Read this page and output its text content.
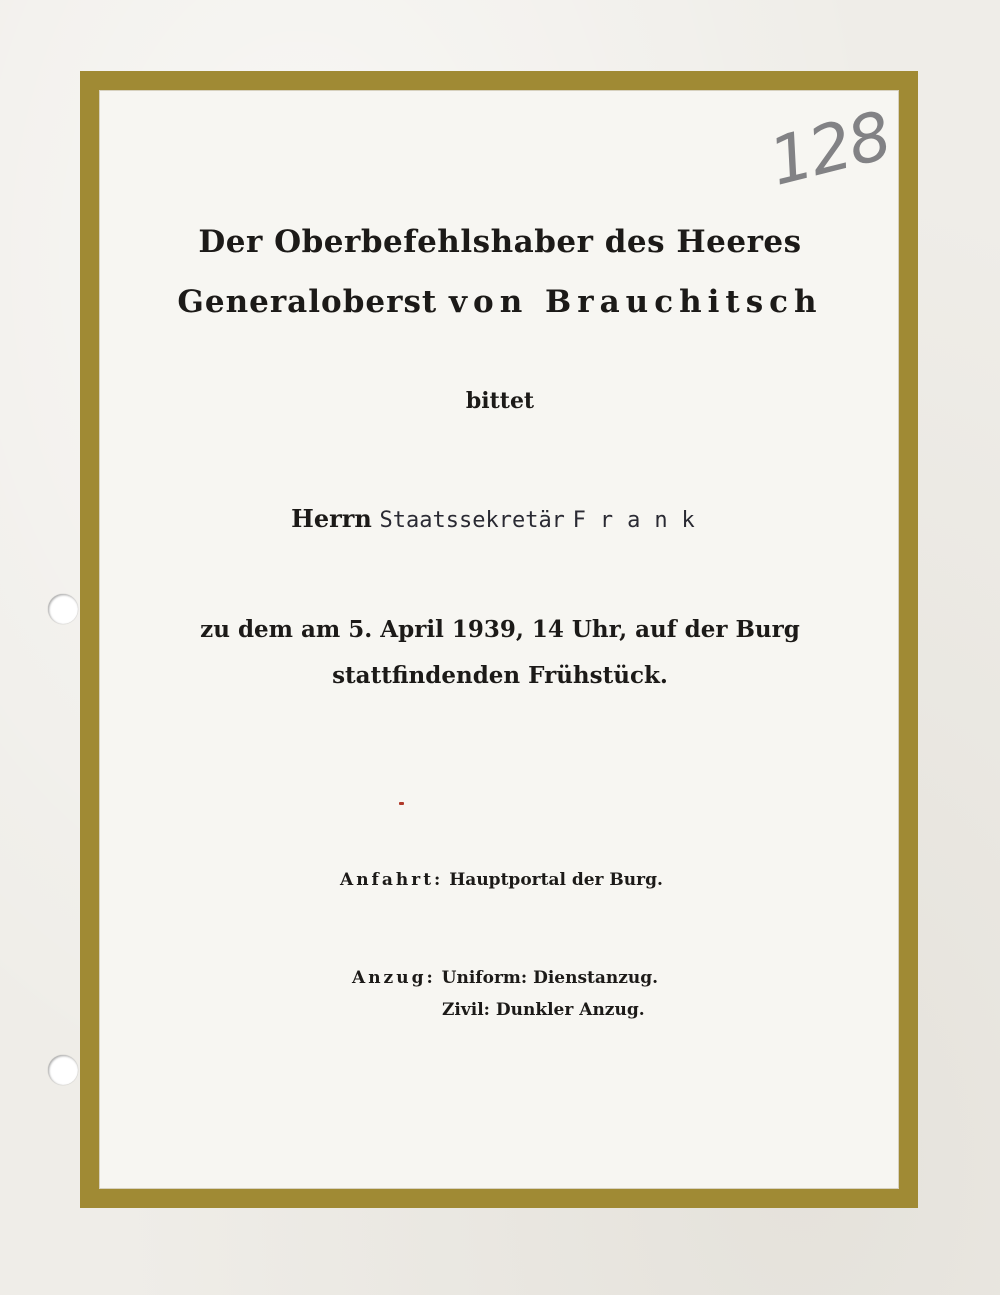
128

Der Oberbefehlshaber des Heeres

Generaloberst von Brauchitsch

bittet

Herrn Staatssekretär Frank

zu dem am 5. April 1939, 14 Uhr, auf der Burg

stattfindenden Frühstück.

Anfahrt: Hauptportal der Burg.

Anzug: Uniform: Dienstanzug.

Zivil: Dunkler Anzug.
